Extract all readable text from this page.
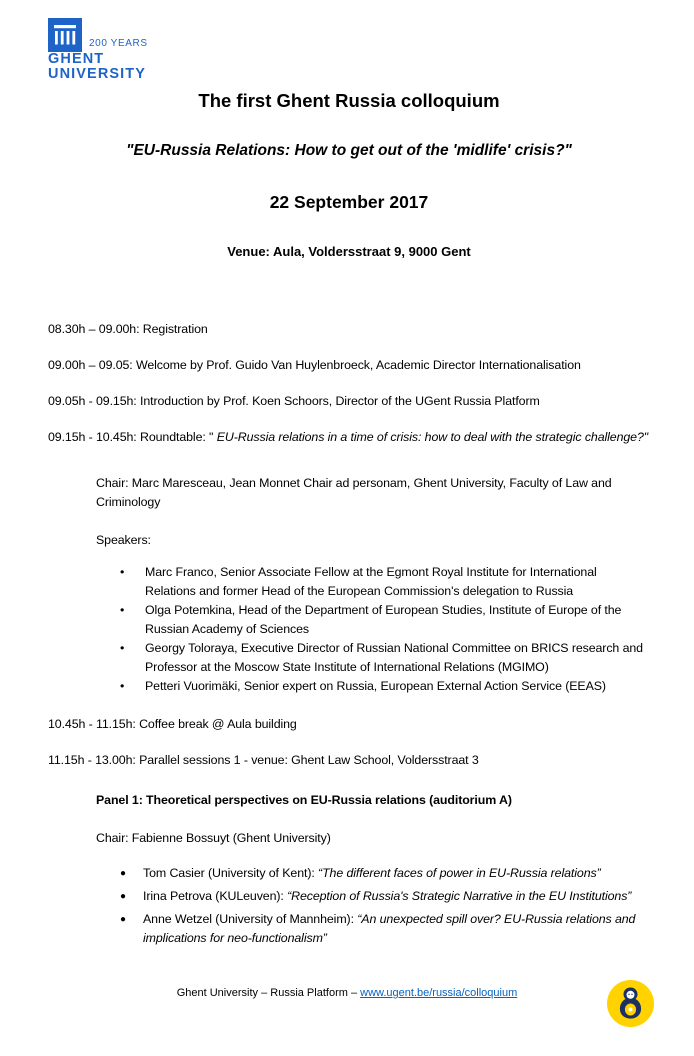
200 YEARS
GHENT
UNIVERSITY

The first Ghent Russia colloquium

"EU-Russia Relations: How to get out of the 'midlife' crisis?"

22 September 2017

Venue: Aula, Voldersstraat 9, 9000 Gent

08.30h – 09.00h: Registration

09.00h – 09.05: Welcome by Prof. Guido Van Huylenbroeck, Academic Director Internationalisation

09.05h - 09.15h: Introduction by Prof. Koen Schoors, Director of the UGent Russia Platform

09.15h - 10.45h: Roundtable: " EU-Russia relations in a time of crisis: how to deal with the strategic challenge?"

Chair: Marc Maresceau, Jean Monnet Chair ad personam, Ghent University, Faculty of Law and Criminology

Speakers:

•	Marc Franco, Senior Associate Fellow at the Egmont Royal Institute for International Relations and former Head of the European Commission's delegation to Russia
•	Olga Potemkina, Head of the Department of European Studies, Institute of Europe of the Russian Academy of Sciences
•	Georgy Toloraya, Executive Director of Russian National Committee on BRICS research and Professor at the Moscow State Institute of International Relations (MGIMO)
•	Petteri Vuorimäki, Senior expert on Russia, European External Action Service (EEAS)

10.45h - 11.15h: Coffee break @ Aula building

11.15h - 13.00h: Parallel sessions 1 - venue: Ghent Law School, Voldersstraat 3

Panel 1: Theoretical perspectives on EU-Russia relations (auditorium A)

Chair: Fabienne Bossuyt (Ghent University)

●	Tom Casier (University of Kent): “The different faces of power in EU-Russia relations”
●	Irina Petrova (KULeuven): “Reception of Russia's Strategic Narrative in the EU Institutions”
●	Anne Wetzel (University of Mannheim): “An unexpected spill over? EU-Russia relations and implications for neo-functionalism”
Ghent University – Russia Platform – www.ugent.be/russia/colloquium
